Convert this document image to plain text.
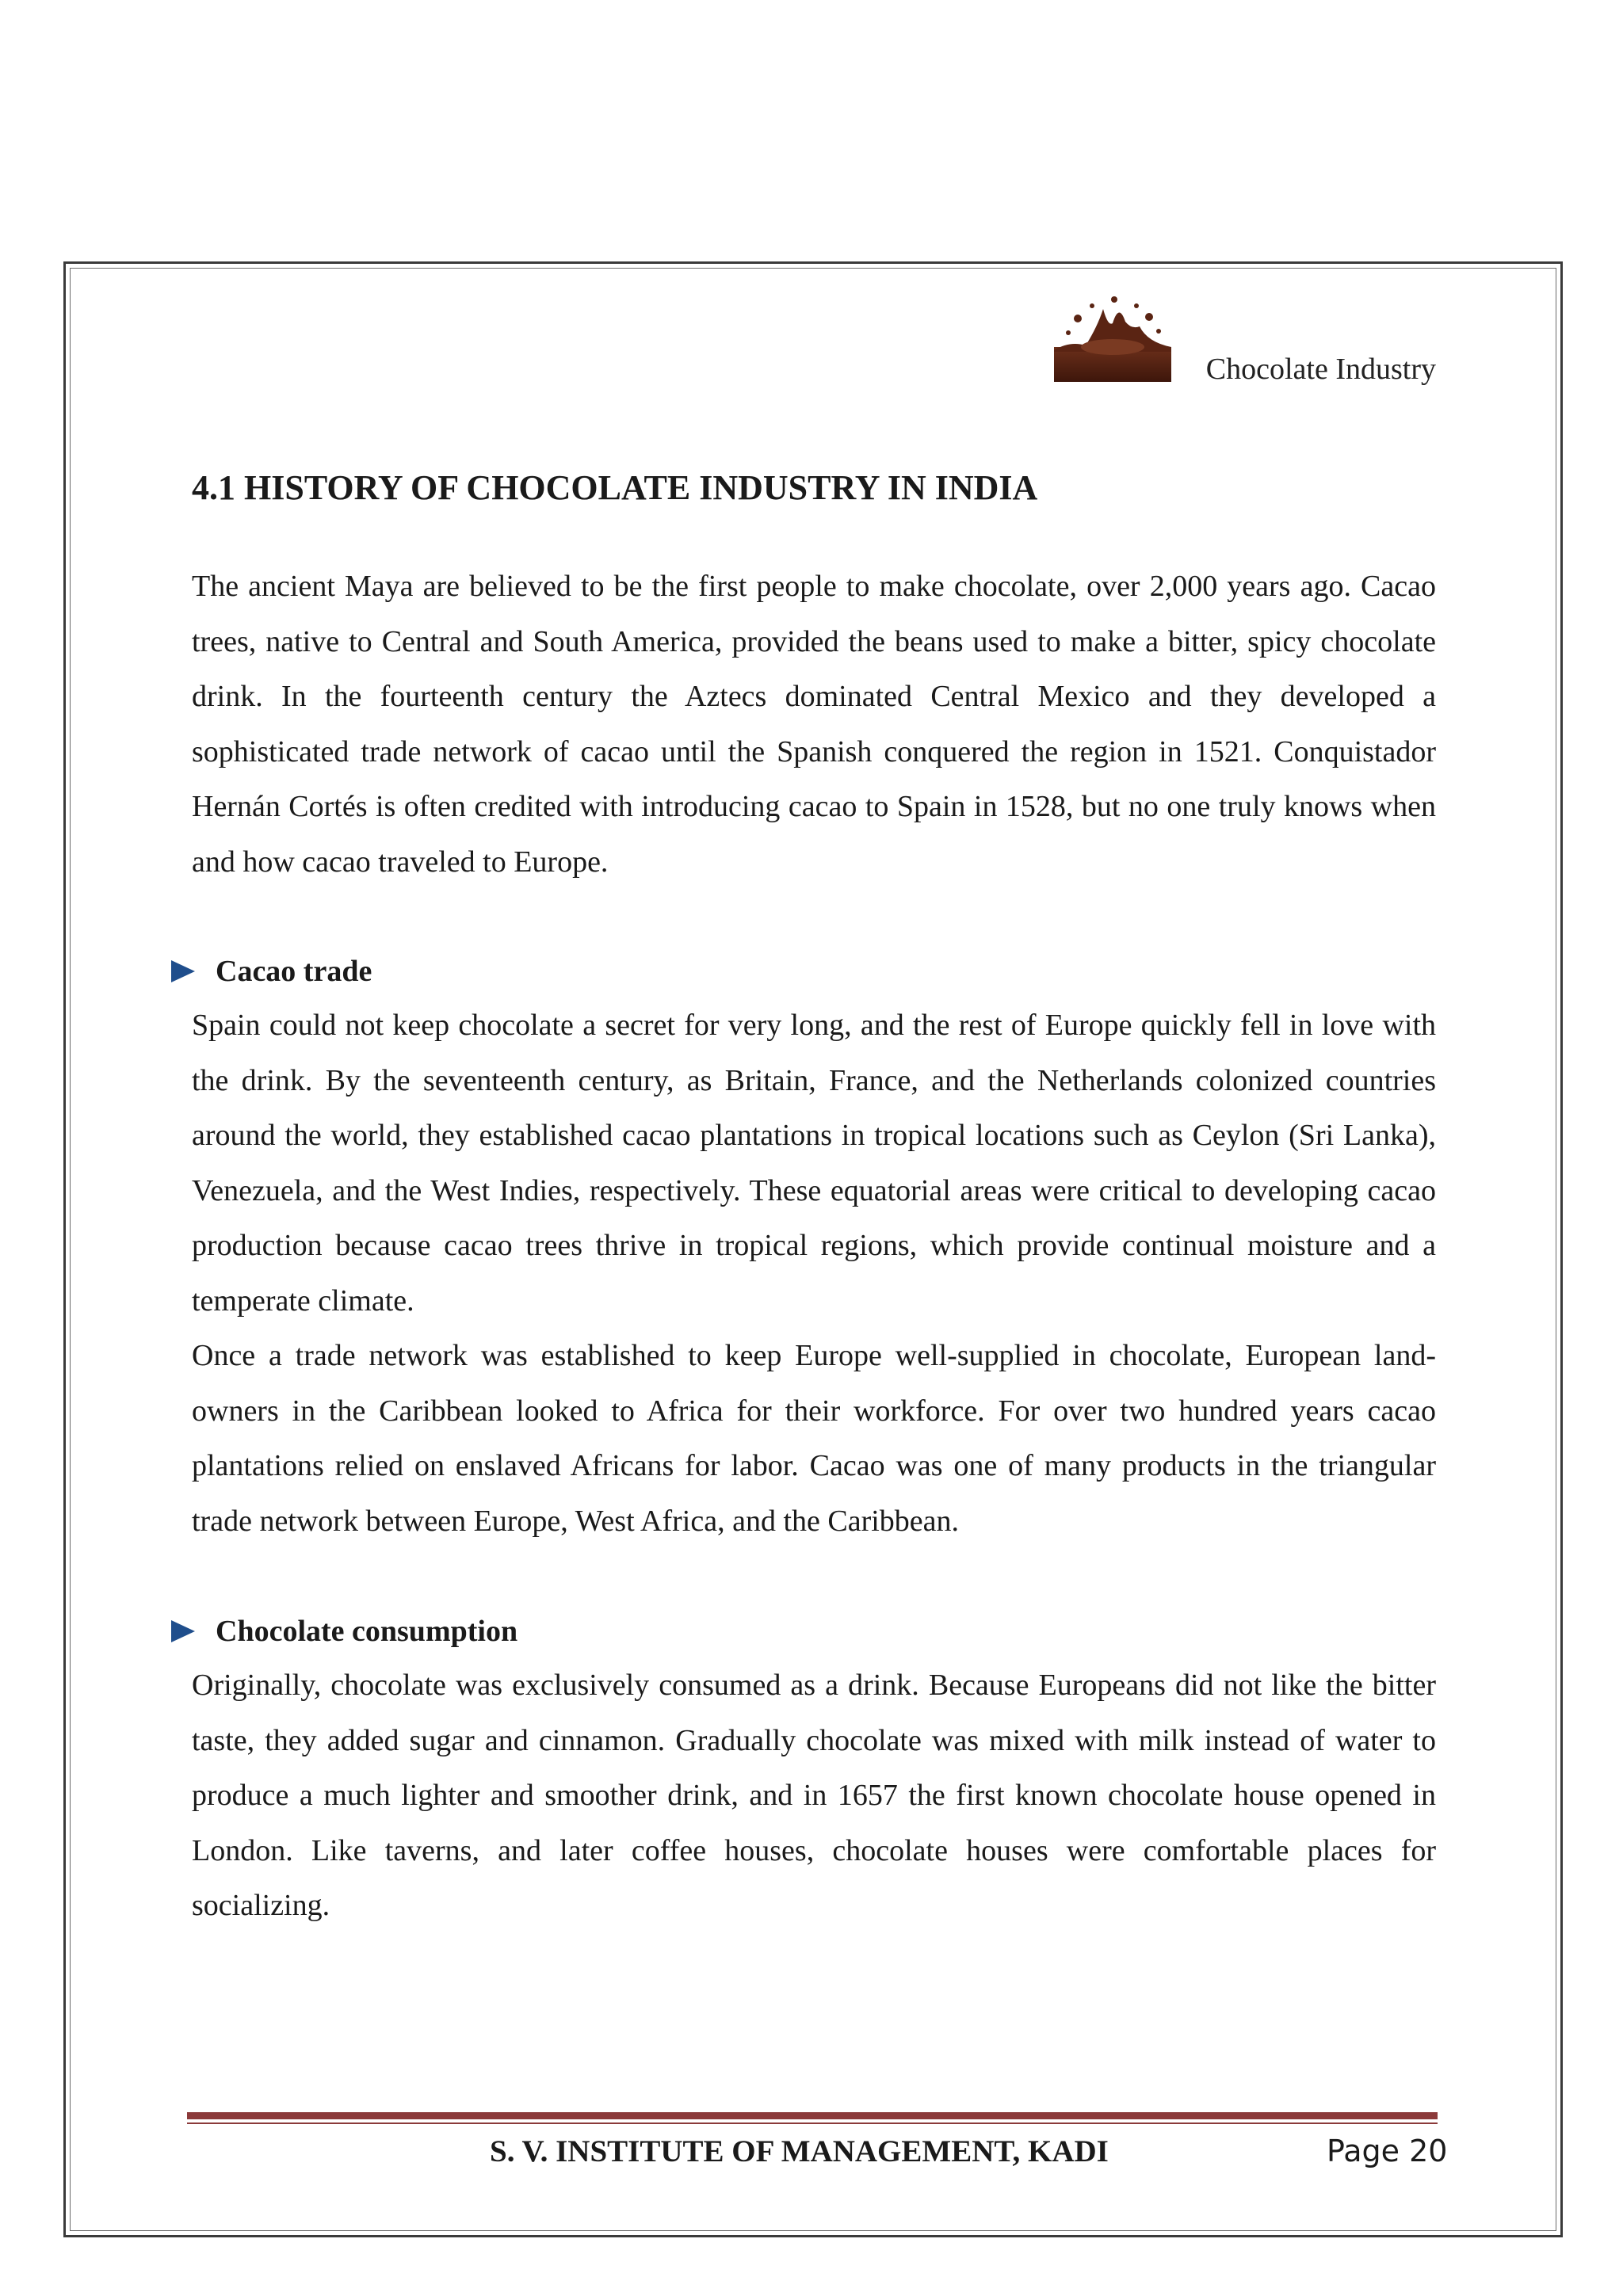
Chocolate Industry
4.1 HISTORY OF CHOCOLATE INDUSTRY IN INDIA

The ancient Maya are believed to be the first people to make chocolate, over 2,000 years ago. Cacao trees, native to Central and South America, provided the beans used to make a bitter, spicy chocolate drink. In the fourteenth century the Aztecs dominated Central Mexico and they developed a sophisticated trade network of cacao until the Spanish conquered the region in 1521. Conquistador Hernán Cortés is often credited with introducing cacao to Spain in 1528, but no one truly knows when and how cacao traveled to Europe.

Cacao trade

Spain could not keep chocolate a secret for very long, and the rest of Europe quickly fell in love with the drink. By the seventeenth century, as Britain, France, and the Netherlands colonized countries around the world, they established cacao plantations in tropical locations such as Ceylon (Sri Lanka), Venezuela, and the West Indies, respectively. These equatorial areas were critical to developing cacao production because cacao trees thrive in tropical regions, which provide continual moisture and a temperate climate.

Once a trade network was established to keep Europe well-supplied in chocolate, European land-owners in the Caribbean looked to Africa for their workforce. For over two hundred years cacao plantations relied on enslaved Africans for labor. Cacao was one of many products in the triangular trade network between Europe, West Africa, and the Caribbean.

Chocolate consumption

Originally, chocolate was exclusively consumed as a drink. Because Europeans did not like the bitter taste, they added sugar and cinnamon. Gradually chocolate was mixed with milk instead of water to produce a much lighter and smoother drink, and in 1657 the first known chocolate house opened in London. Like taverns, and later coffee houses, chocolate houses were comfortable places for socializing.

S. V. INSTITUTE OF MANAGEMENT, KADI	Page 20
